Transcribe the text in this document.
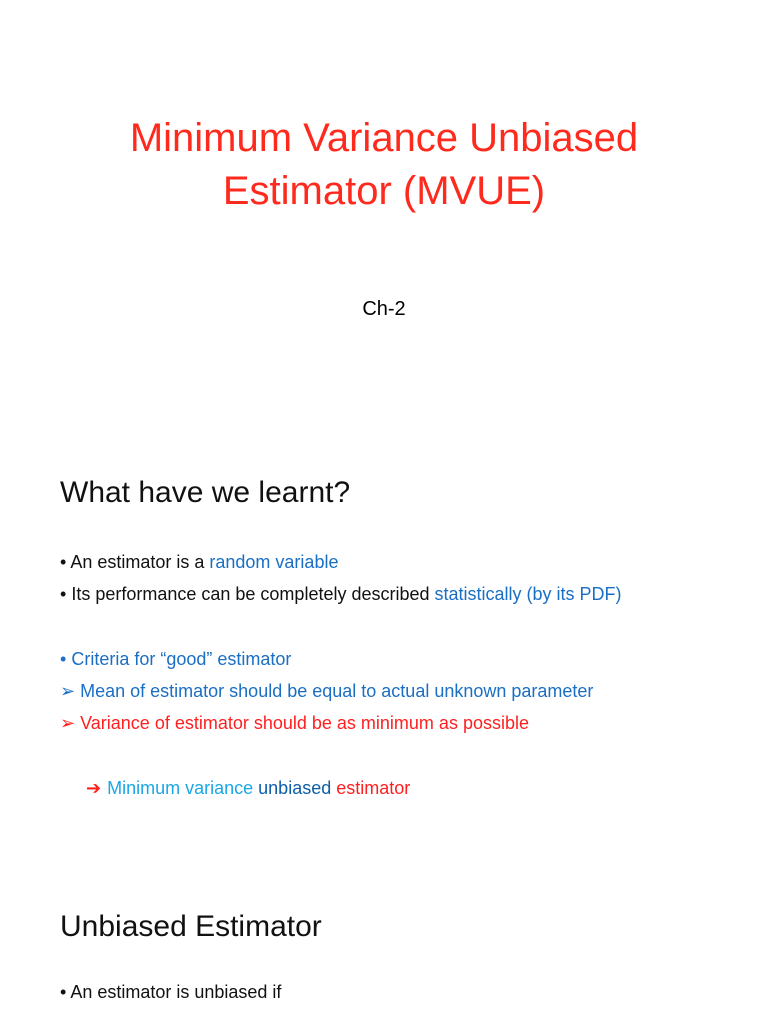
Minimum Variance Unbiased
Estimator (MVUE)
Ch-2
What have we learnt?
• An estimator is a random variable
• Its performance can be completely described statistically (by its PDF)
• Criteria for “good” estimator
➢ Mean of estimator should be equal to actual unknown parameter
➢ Variance of estimator should be as minimum as possible
➔ Minimum variance unbiased estimator
Unbiased Estimator
• An estimator is unbiased if
